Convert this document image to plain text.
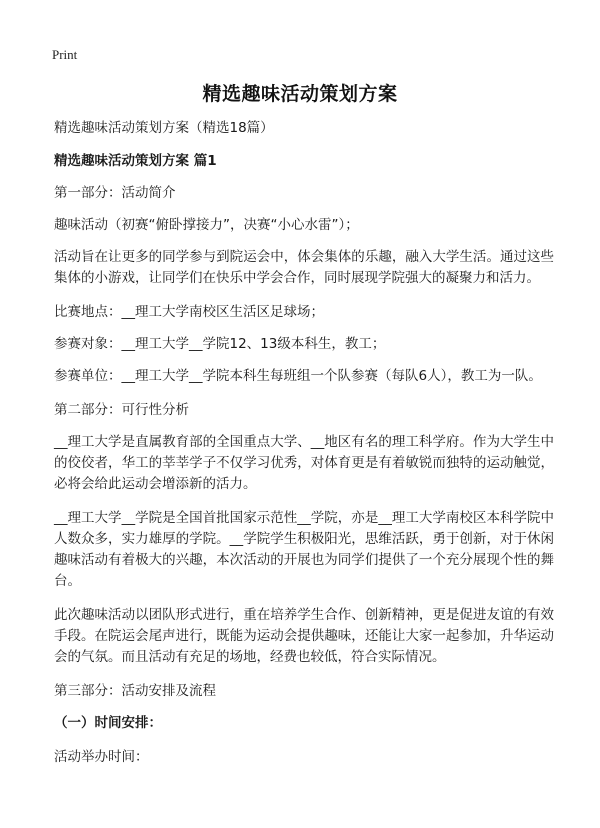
Print
精选趣味活动策划方案

精选趣味活动策划方案（精选18篇）

精选趣味活动策划方案 篇1

第一部分：活动简介

趣味活动（初赛“俯卧撑接力”，决赛“小心水雷”）；

活动旨在让更多的同学参与到院运会中，体会集体的乐趣，融入大学生活。通过这些集体的小游戏，让同学们在快乐中学会合作，同时展现学院强大的凝聚力和活力。

比赛地点：__理工大学南校区生活区足球场；

参赛对象：__理工大学__学院12、13级本科生，教工；

参赛单位：__理工大学__学院本科生每班组一个队参赛（每队6人），教工为一队。

第二部分：可行性分析

__理工大学是直属教育部的全国重点大学、__地区有名的理工科学府。作为大学生中的佼佼者，华工的莘莘学子不仅学习优秀，对体育更是有着敏锐而独特的运动触觉，必将会给此运动会增添新的活力。

__理工大学__学院是全国首批国家示范性__学院，亦是__理工大学南校区本科学院中人数众多，实力雄厚的学院。__学院学生积极阳光，思维活跃，勇于创新，对于休闲趣味活动有着极大的兴趣，本次活动的开展也为同学们提供了一个充分展现个性的舞台。

此次趣味活动以团队形式进行，重在培养学生合作、创新精神，更是促进友谊的有效手段。在院运会尾声进行，既能为运动会提供趣味，还能让大家一起参加，升华运动会的气氛。而且活动有充足的场地，经费也较低，符合实际情况。

第三部分：活动安排及流程

（一）时间安排：

活动举办时间：
